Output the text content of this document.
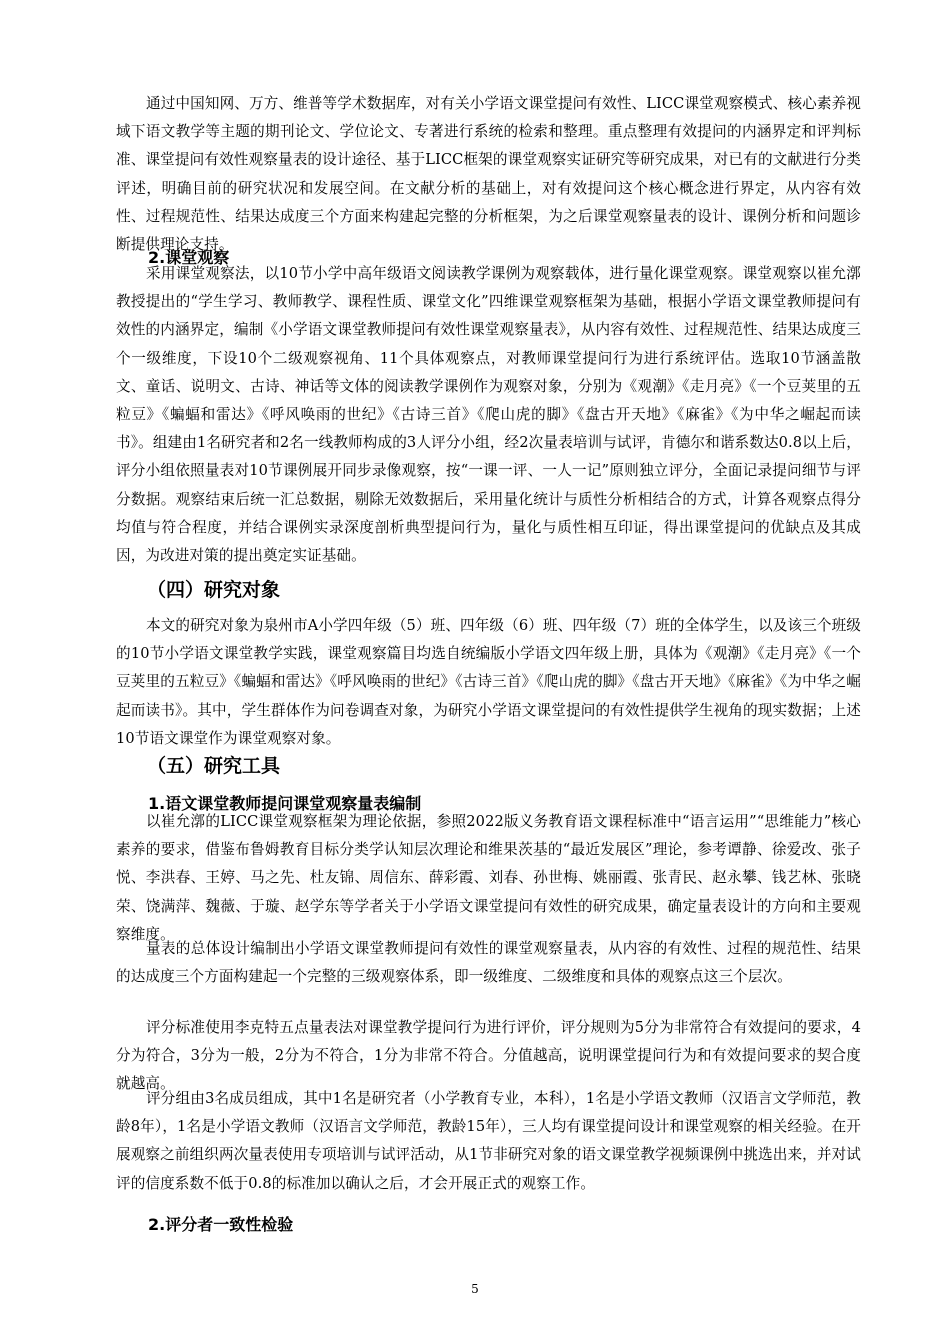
通过中国知网、万方、维普等学术数据库，对有关小学语文课堂提问有效性、LICC课堂观察模式、核心素养视域下语文教学等主题的期刊论文、学位论文、专著进行系统的检索和整理。重点整理有效提问的内涵界定和评判标准、课堂提问有效性观察量表的设计途径、基于LICC框架的课堂观察实证研究等研究成果，对已有的文献进行分类评述，明确目前的研究状况和发展空间。在文献分析的基础上，对有效提问这个核心概念进行界定，从内容有效性、过程规范性、结果达成度三个方面来构建起完整的分析框架，为之后课堂观察量表的设计、课例分析和问题诊断提供理论支持。

2.课堂观察

采用课堂观察法，以10节小学中高年级语文阅读教学课例为观察载体，进行量化课堂观察。课堂观察以崔允漷教授提出的“学生学习、教师教学、课程性质、课堂文化”四维课堂观察框架为基础，根据小学语文课堂教师提问有效性的内涵界定，编制《小学语文课堂教师提问有效性课堂观察量表》，从内容有效性、过程规范性、结果达成度三个一级维度，下设10个二级观察视角、11个具体观察点，对教师课堂提问行为进行系统评估。选取10节涵盖散文、童话、说明文、古诗、神话等文体的阅读教学课例作为观察对象，分别为《观潮》《走月亮》《一个豆荚里的五粒豆》《蝙蝠和雷达》《呼风唤雨的世纪》《古诗三首》《爬山虎的脚》《盘古开天地》《麻雀》《为中华之崛起而读书》。组建由1名研究者和2名一线教师构成的3人评分小组，经2次量表培训与试评，肯德尔和谐系数达0.8以上后，评分小组依照量表对10节课例展开同步录像观察，按“一课一评、一人一记”原则独立评分，全面记录提问细节与评分数据。观察结束后统一汇总数据，剔除无效数据后，采用量化统计与质性分析相结合的方式，计算各观察点得分均值与符合程度，并结合课例实录深度剖析典型提问行为，量化与质性相互印证，得出课堂提问的优缺点及其成因，为改进对策的提出奠定实证基础。

（四）研究对象

本文的研究对象为泉州市A小学四年级（5）班、四年级（6）班、四年级（7）班的全体学生，以及该三个班级的10节小学语文课堂教学实践，课堂观察篇目均选自统编版小学语文四年级上册，具体为《观潮》《走月亮》《一个豆荚里的五粒豆》《蝙蝠和雷达》《呼风唤雨的世纪》《古诗三首》《爬山虎的脚》《盘古开天地》《麻雀》《为中华之崛起而读书》。其中，学生群体作为问卷调查对象，为研究小学语文课堂提问的有效性提供学生视角的现实数据；上述10节语文课堂作为课堂观察对象。

（五）研究工具
1.语文课堂教师提问课堂观察量表编制

以崔允漷的LICC课堂观察框架为理论依据，参照2022版义务教育语文课程标准中“语言运用”“思维能力”核心素养的要求，借鉴布鲁姆教育目标分类学认知层次理论和维果茨基的“最近发展区”理论，参考谭静、徐爱改、张子悦、李洪春、王婷、马之先、杜友锦、周信东、薛彩霞、刘春、孙世梅、姚丽霞、张青民、赵永攀、钱艺林、张晓荣、饶满萍、魏薇、于璇、赵学东等学者关于小学语文课堂提问有效性的研究成果，确定量表设计的方向和主要观察维度。

量表的总体设计编制出小学语文课堂教师提问有效性的课堂观察量表，从内容的有效性、过程的规范性、结果的达成度三个方面构建起一个完整的三级观察体系，即一级维度、二级维度和具体的观察点这三个层次。

评分标准使用李克特五点量表法对课堂教学提问行为进行评价，评分规则为5分为非常符合有效提问的要求，4分为符合，3分为一般，2分为不符合，1分为非常不符合。分值越高，说明课堂提问行为和有效提问要求的契合度就越高。

评分组由3名成员组成，其中1名是研究者（小学教育专业，本科），1名是小学语文教师（汉语言文学师范，教龄8年），1名是小学语文教师（汉语言文学师范，教龄15年），三人均有课堂提问设计和课堂观察的相关经验。在开展观察之前组织两次量表使用专项培训与试评活动，从1节非研究对象的语文课堂教学视频课例中挑选出来，并对试评的信度系数不低于0.8的标准加以确认之后，才会开展正式的观察工作。

2.评分者一致性检验
5
